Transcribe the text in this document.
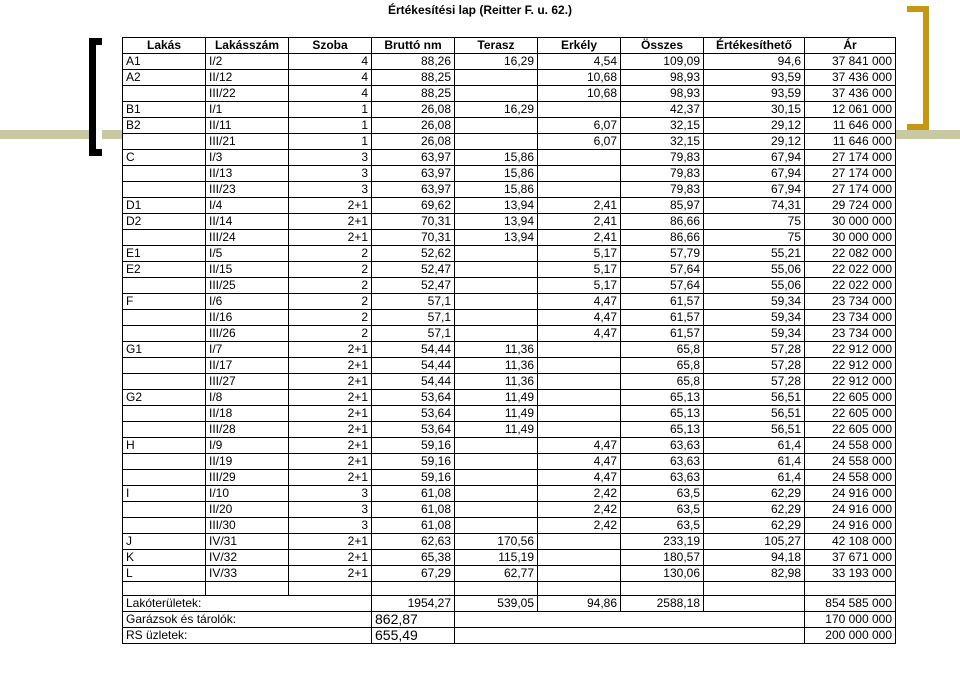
Értékesítési lap (Reitter F. u. 62.)
Lakás	Lakásszám	Szoba	Bruttó nm	Terasz	Erkély	Összes	Értékesíthető	Ár
A1	I/2	4	88,26	16,29	4,54	109,09	94,6	37 841 000
A2	II/12	4	88,25		10,68	98,93	93,59	37 436 000
	III/22	4	88,25		10,68	98,93	93,59	37 436 000
B1	I/1	1	26,08	16,29		42,37	30,15	12 061 000
B2	II/11	1	26,08		6,07	32,15	29,12	11 646 000
	III/21	1	26,08		6,07	32,15	29,12	11 646 000
C	I/3	3	63,97	15,86		79,83	67,94	27 174 000
	II/13	3	63,97	15,86		79,83	67,94	27 174 000
	III/23	3	63,97	15,86		79,83	67,94	27 174 000
D1	I/4	2+1	69,62	13,94	2,41	85,97	74,31	29 724 000
D2	II/14	2+1	70,31	13,94	2,41	86,66	75	30 000 000
	III/24	2+1	70,31	13,94	2,41	86,66	75	30 000 000
E1	I/5	2	52,62		5,17	57,79	55,21	22 082 000
E2	II/15	2	52,47		5,17	57,64	55,06	22 022 000
	III/25	2	52,47		5,17	57,64	55,06	22 022 000
F	I/6	2	57,1		4,47	61,57	59,34	23 734 000
	II/16	2	57,1		4,47	61,57	59,34	23 734 000
	III/26	2	57,1		4,47	61,57	59,34	23 734 000
G1	I/7	2+1	54,44	11,36		65,8	57,28	22 912 000
	II/17	2+1	54,44	11,36		65,8	57,28	22 912 000
	III/27	2+1	54,44	11,36		65,8	57,28	22 912 000
G2	I/8	2+1	53,64	11,49		65,13	56,51	22 605 000
	II/18	2+1	53,64	11,49		65,13	56,51	22 605 000
	III/28	2+1	53,64	11,49		65,13	56,51	22 605 000
H	I/9	2+1	59,16		4,47	63,63	61,4	24 558 000
	II/19	2+1	59,16		4,47	63,63	61,4	24 558 000
	III/29	2+1	59,16		4,47	63,63	61,4	24 558 000
I	I/10	3	61,08		2,42	63,5	62,29	24 916 000
	II/20	3	61,08		2,42	63,5	62,29	24 916 000
	III/30	3	61,08		2,42	63,5	62,29	24 916 000
J	IV/31	2+1	62,63	170,56		233,19	105,27	42 108 000
K	IV/32	2+1	65,38	115,19		180,57	94,18	37 671 000
L	IV/33	2+1	67,29	62,77		130,06	82,98	33 193 000

Lakóterületek:			1954,27	539,05	94,86	2588,18		854 585 000
Garázsok és tárolók:			862,87					170 000 000
RS üzletek:			655,49					200 000 000
